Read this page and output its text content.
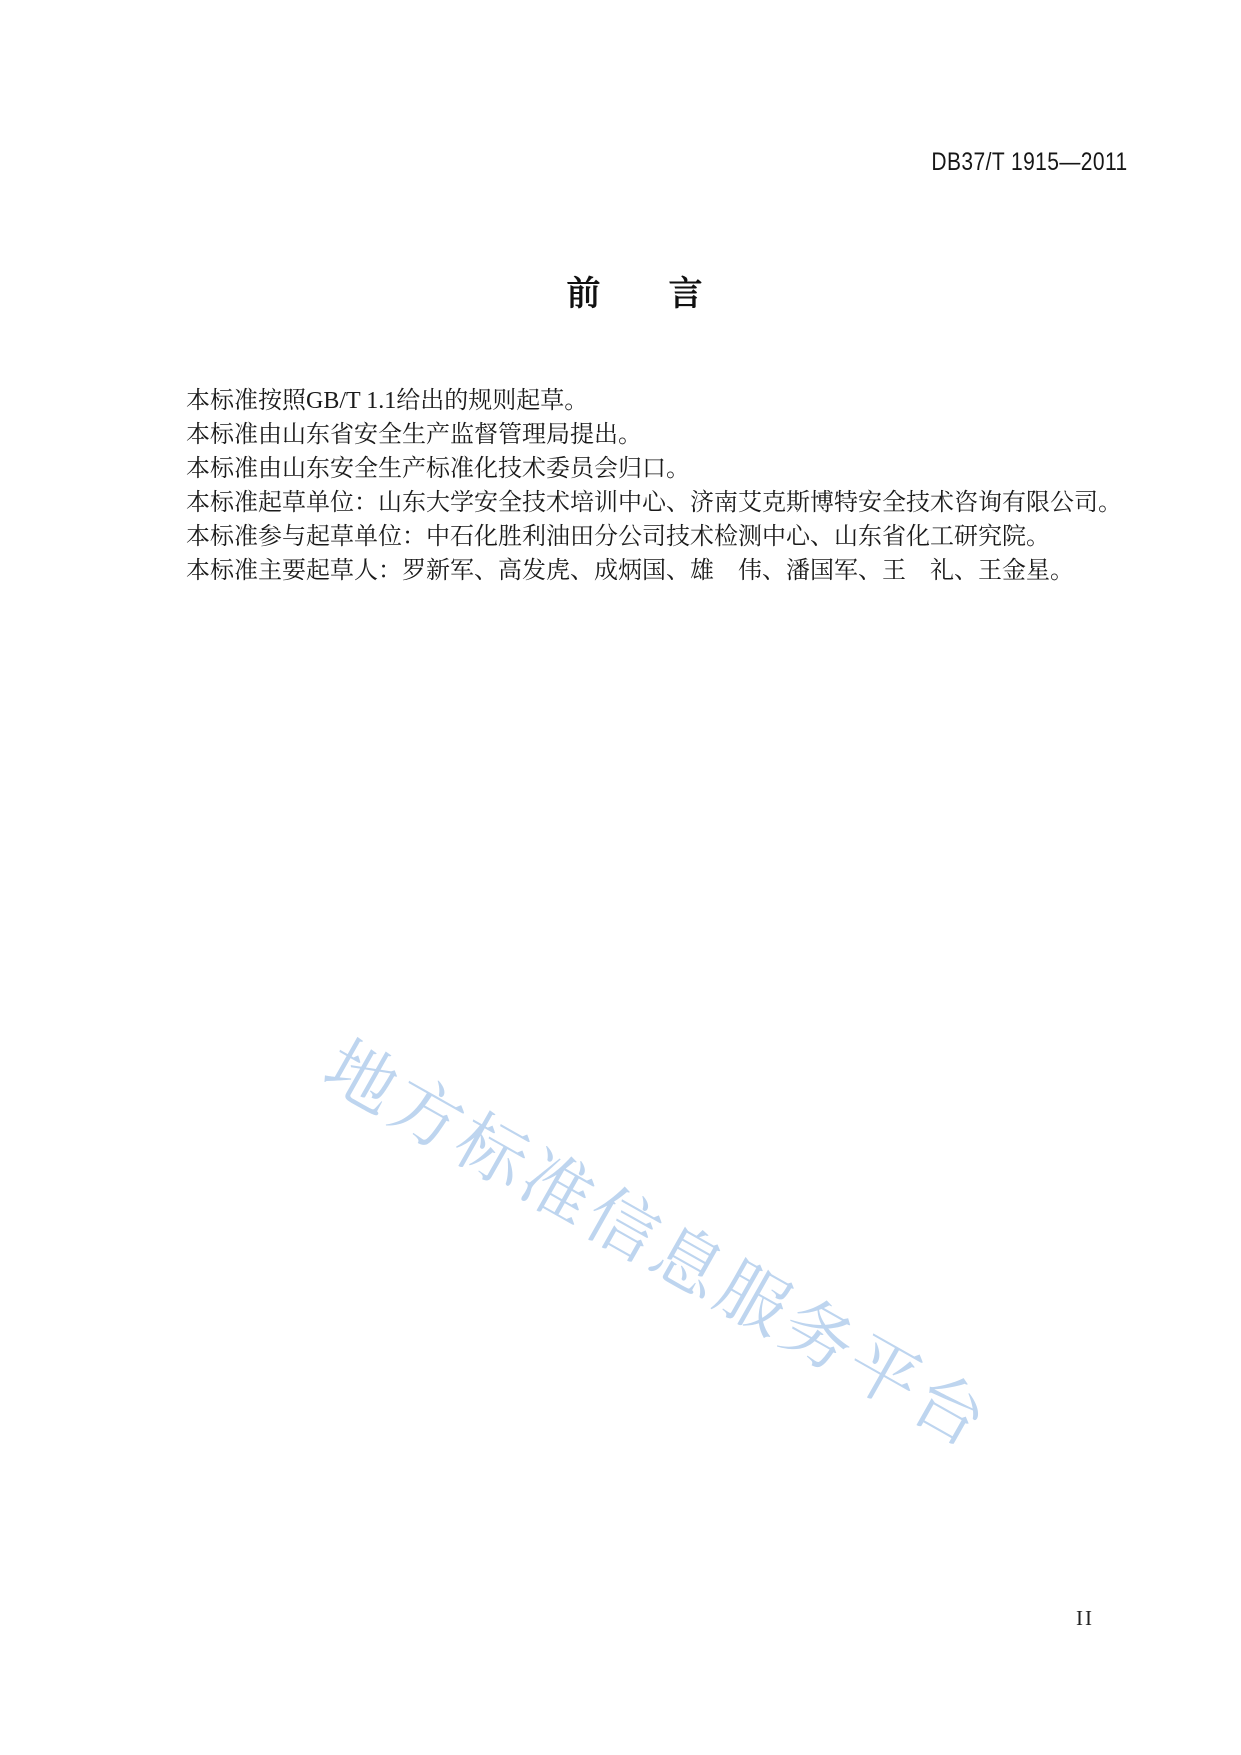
DB37/T 1915—2011
前　　言

本标准按照GB/T 1.1给出的规则起草。

本标准由山东省安全生产监督管理局提出。

本标准由山东安全生产标准化技术委员会归口。

本标准起草单位：山东大学安全技术培训中心、济南艾克斯博特安全技术咨询有限公司。

本标准参与起草单位：中石化胜利油田分公司技术检测中心、山东省化工研究院。

本标准主要起草人：罗新军、高发虎、成炳国、雄　伟、潘国军、王　礼、王金星。

地方标准信息服务平台
II
